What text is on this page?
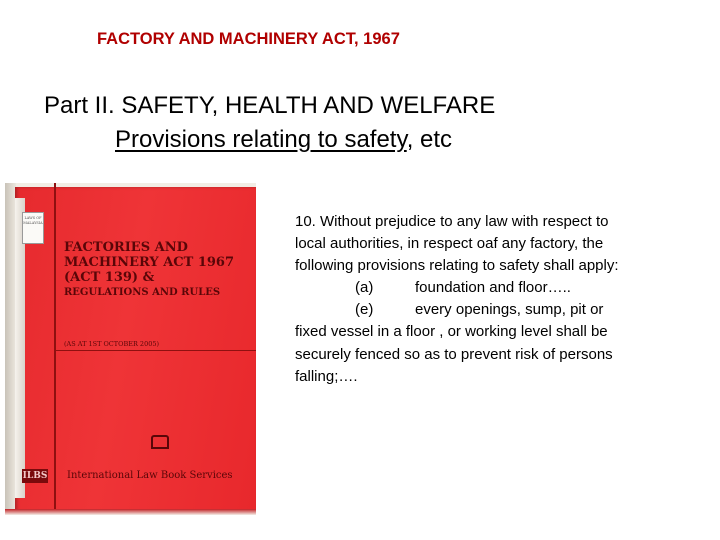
FACTORY AND MACHINERY ACT, 1967
Part II. SAFETY, HEALTH AND WELFARE
Provisions relating to safety, etc
LAWS OF MALAYSIA
FACTORIES AND
MACHINERY ACT 1967
(ACT 139) &
REGULATIONS AND RULES
(AS AT 1ST OCTOBER 2005)
ILBS International Law Book Services
10. Without prejudice to any law with respect to
local authorities, in respect oaf any factory, the
following provisions relating to safety shall apply:
(a)	foundation and floor…..
(e)	every openings, sump, pit or
fixed vessel in a floor , or working level shall be
securely fenced so as to prevent risk of persons
falling;….
